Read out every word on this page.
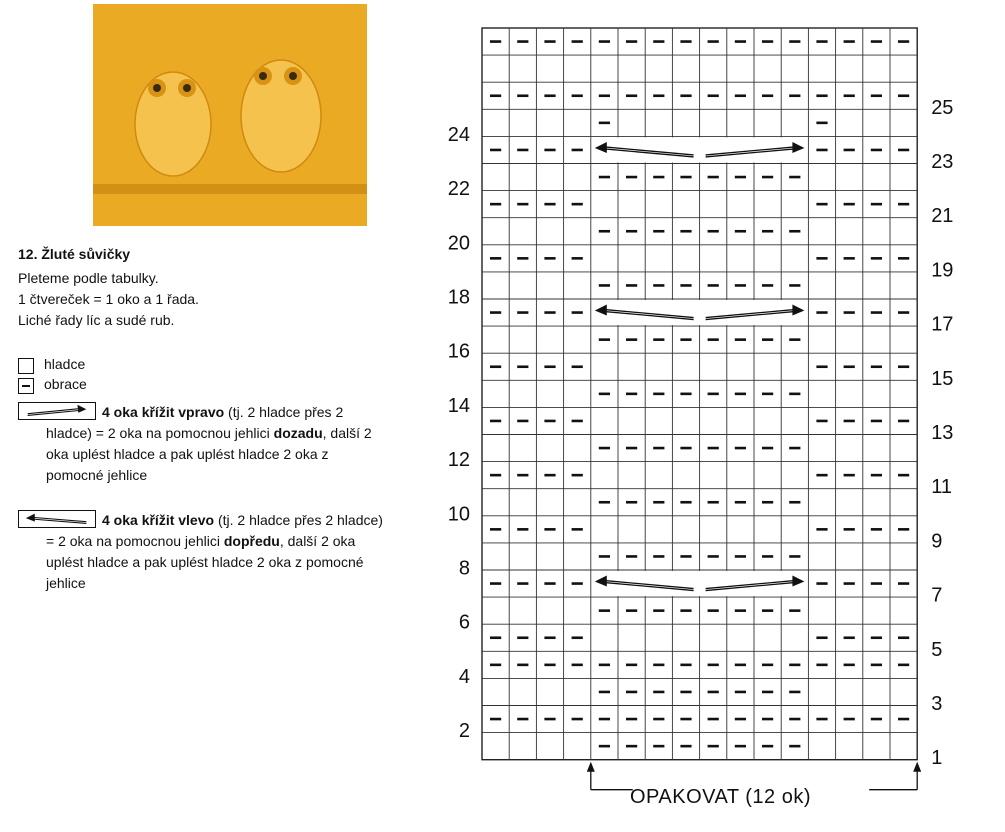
12. Žluté sůvičky
Pleteme podle tabulky.
1 čtvereček = 1 oko a 1 řada.
Liché řady líc a sudé rub.
hladce
obrace
4 oka křížit vpravo (tj. 2 hladce přes 2 hladce) = 2 oka na pomocnou jehlici dozadu, další 2 oka uplést hladce a pak uplést hladce 2 oka z pomocné jehlice
4 oka křížit vlevo (tj. 2 hladce přes 2 hladce) = 2 oka na pomocnou jehlici dopředu, další 2 oka uplést hladce a pak uplést hladce 2 oka z pomocné jehlice
1
3
5
7
9
11
13
15
17
19
21
23
25
2
4
6
8
10
12
14
16
18
20
22
24
OPAKOVAT (12 ok)
